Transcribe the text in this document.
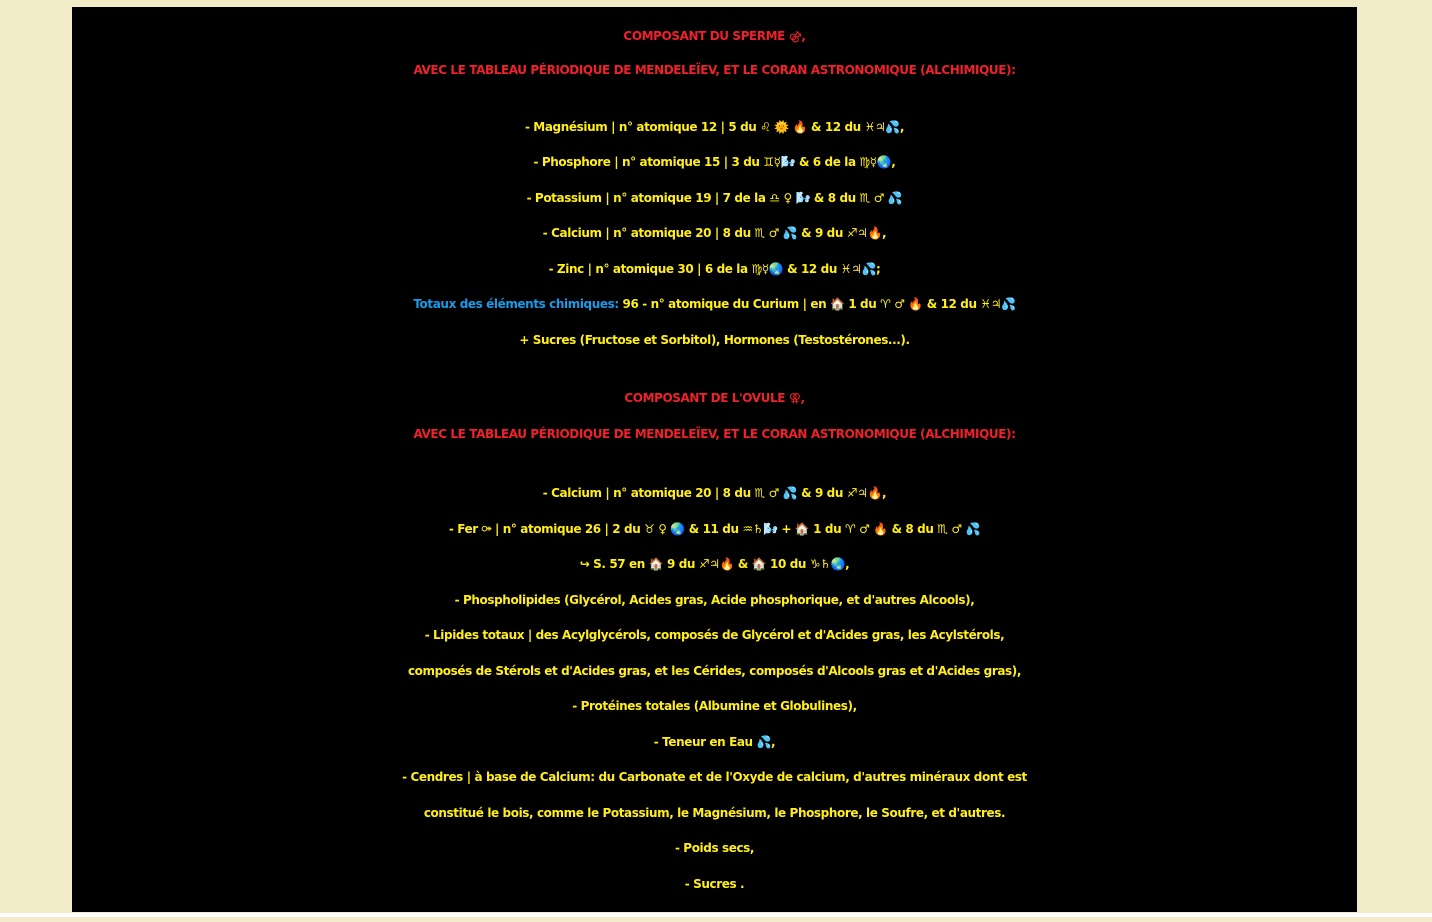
COMPOSANT DU SPERME ⚣,
AVEC LE TABLEAU PÉRIODIQUE DE MENDELEÏEV, ET LE CORAN ASTRONOMIQUE (ALCHIMIQUE):
- Magnésium | n° atomique 12 | 5 du ♌ 🌞 🔥 & 12 du ♓♃💦,
- Phosphore | n° atomique 15 | 3 du ♊☿🌬️ & 6 de la ♍☿🌏,
- Potassium | n° atomique 19 | 7 de la ♎ ♀ 🌬️ & 8 du ♏ ♂ 💦
- Calcium | n° atomique 20 | 8 du ♏ ♂ 💦 & 9 du ♐♃🔥,
- Zinc | n° atomique 30 | 6 de la ♍☿🌏 & 12 du ♓♃💦;
Totaux des éléments chimiques: 96 - n° atomique du Curium | en 🏠 1 du ♈ ♂ 🔥 & 12 du ♓♃💦
+ Sucres (Fructose et Sorbitol), Hormones (Testostérones...).
COMPOSANT DE L'OVULE ⚢,
AVEC LE TABLEAU PÉRIODIQUE DE MENDELEÏEV, ET LE CORAN ASTRONOMIQUE (ALCHIMIQUE):
- Calcium | n° atomique 20 | 8 du ♏ ♂ 💦 & 9 du ♐♃🔥,
- Fer ⚩ | n° atomique 26 | 2 du ♉ ♀ 🌏 & 11 du ♒♄🌬️ + 🏠 1 du ♈ ♂ 🔥 & 8 du ♏ ♂ 💦
↪ S. 57 en 🏠 9 du ♐♃🔥 & 🏠 10 du ♑♄🌏,
- Phospholipides (Glycérol, Acides gras, Acide phosphorique, et d'autres Alcools),
- Lipides totaux | des Acylglycérols, composés de Glycérol et d'Acides gras, les Acylstérols,
composés de Stérols et d'Acides gras, et les Cérides, composés d'Alcools gras et d'Acides gras),
- Protéines totales (Albumine et Globulines),
- Teneur en Eau 💦,
- Cendres | à base de Calcium: du Carbonate et de l'Oxyde de calcium, d'autres minéraux dont est
constitué le bois, comme le Potassium, le Magnésium, le Phosphore, le Soufre, et d'autres.
- Poids secs,
- Sucres .
